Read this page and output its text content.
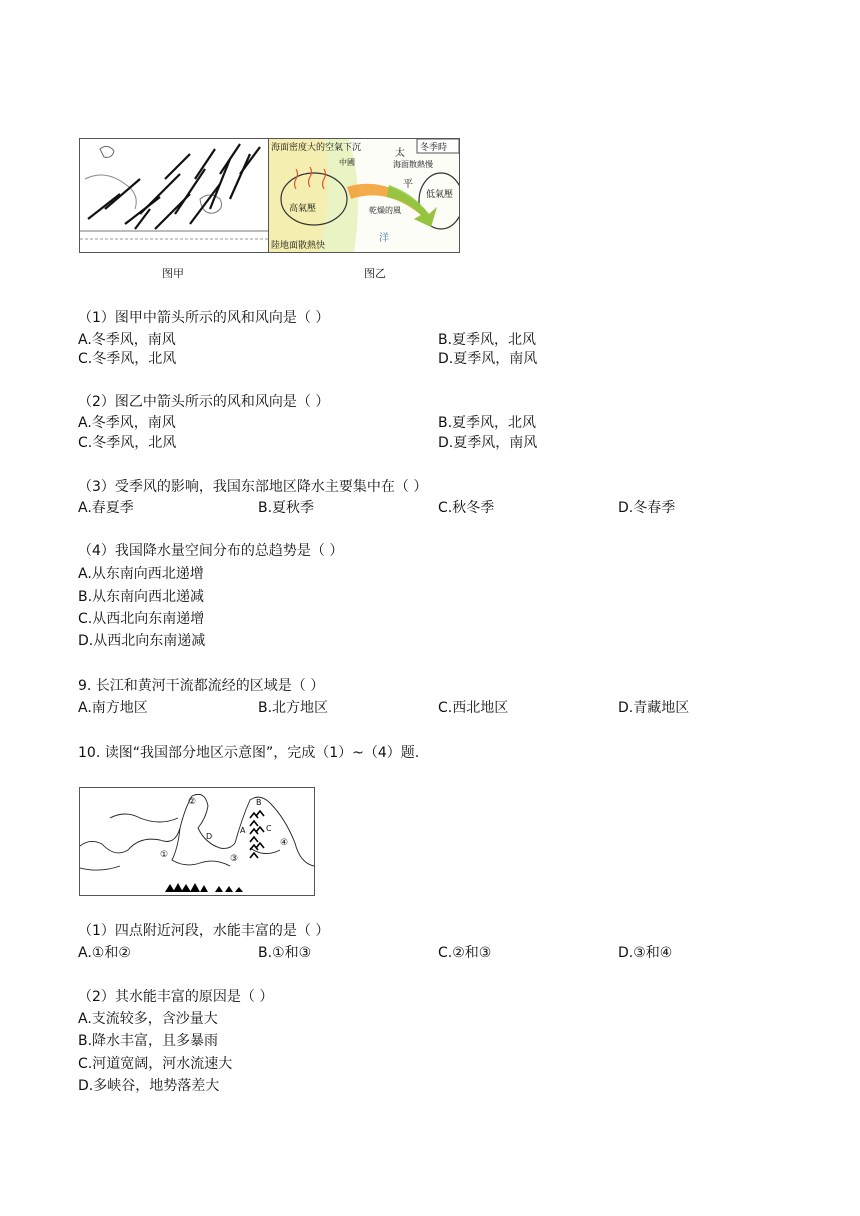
海面密度大的空氣下沉	冬季時
中國
太
海面散熱慢
平
低氣壓
高氣壓	乾燥的風
洋
陸地面散熱快
图甲	图乙
（1）图甲中箭头所示的风和风向是（ ）
A.冬季风，南风	B.夏季风，北风
C.冬季风，北风	D.夏季风，南风
（2）图乙中箭头所示的风和风向是（ ）
A.冬季风，南风	B.夏季风，北风
C.冬季风，北风	D.夏季风，南风
（3）受季风的影响，我国东部地区降水主要集中在（ ）
A.春夏季	B.夏秋季	C.秋冬季	D.冬春季
（4）我国降水量空间分布的总趋势是（ ）
A.从东南向西北递增
B.从东南向西北递减
C.从西北向东南递增
D.从西北向东南递减
9. 长江和黄河干流都流经的区域是（ ）
A.南方地区	B.北方地区	C.西北地区	D.青藏地区
10. 读图“我国部分地区示意图”，完成（1）~（4）题.
②
①	③
④
A
B
C
D
（1）四点附近河段，水能丰富的是（ ）
A.①和②	B.①和③	C.②和③	D.③和④
（2）其水能丰富的原因是（ ）
A.支流较多，含沙量大
B.降水丰富，且多暴雨
C.河道宽阔，河水流速大
D.多峡谷，地势落差大
